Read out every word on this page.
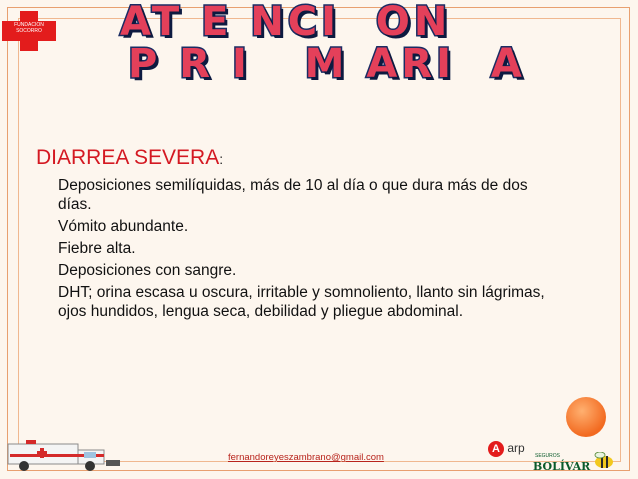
FUNDACION SOCORRO AT E NCI  ON
P R I   M ARI  A
DIARREA SEVERA:
Deposiciones semilíquidas, más de 10 al día o que dura más de dos días.
Vómito abundante.
Fiebre alta.
Deposiciones con sangre.
DHT; orina escasa u oscura, irritable y somnoliento, llanto sin lágrimas, ojos hundidos, lengua seca, debilidad y pliegue abdominal.
fernandoreyeszambrano@gmail.com
A arp
SEGUROS
BOLÍVAR
